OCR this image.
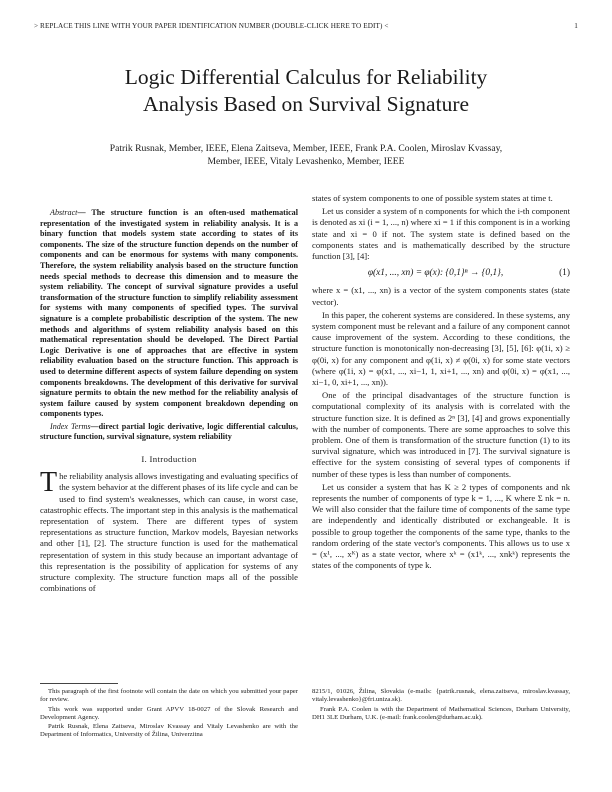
> REPLACE THIS LINE WITH YOUR PAPER IDENTIFICATION NUMBER (DOUBLE-CLICK HERE TO EDIT) <	1
Logic Differential Calculus for Reliability
Analysis Based on Survival Signature
Patrik Rusnak, Member, IEEE, Elena Zaitseva, Member, IEEE, Frank P.A. Coolen, Miroslav Kvassay,
Member, IEEE, Vitaly Levashenko, Member, IEEE

Abstract— The structure function is an often-used mathematical representation of the investigated system in reliability analysis. It is a binary function that models system state according to states of its components. The size of the structure function depends on the number of components and can be enormous for systems with many components. Therefore, the system reliability analysis based on the structure function needs special methods to decrease this dimension and to measure the system reliability. The concept of survival signature provides a useful transformation of the structure function to simplify reliability assessment for systems with many components of specified types. The survival signature is a complete probabilistic description of the system. The new methods and algorithms of system reliability analysis based on this mathematical representation should be developed. The Direct Partial Logic Derivative is one of approaches that are effective in system reliability evaluation based on the structure function. This approach is used to determine different aspects of system failure depending on system components breakdowns. The development of this derivative for survival signature permits to obtain the new method for the reliability analysis of system failure caused by system component breakdown depending on components types.

Index Terms—direct partial logic derivative, logic differential calculus, structure function, survival signature, system reliability

I. Introduction

The reliability analysis allows investigating and evaluating specifics of the system behavior at the different phases of its life cycle and can be used to find system's weaknesses, which can cause, in worst case, catastrophic effects. The important step in this analysis is the mathematical representation of system. There are different types of system representations as structure function, Markov models, Bayesian networks and other [1], [2]. The structure function is used for the mathematical representation of system in this study because an important advantage of this representation is the possibility of application for systems of any structure complexity. The structure function maps all of the possible combinations of

states of system components to one of possible system states at time t.

Let us consider a system of n components for which the i-th component is denoted as xi (i = 1, ..., n) where xi = 1 if this component is in a working state and xi = 0 if not. The system state is defined based on the components states and is mathematically described by the structure function [3], [4]:

φ(x1, ..., xn) = φ(x): {0,1}ⁿ → {0,1},	(1)

where x = (x1, ..., xn) is a vector of the system components states (state vector).

In this paper, the coherent systems are considered. In these systems, any system component must be relevant and a failure of any component cannot cause improvement of the system. According to these conditions, the structure function is monotonically non-decreasing [3], [5], [6]: φ(1i, x) ≥ φ(0i, x) for any component and φ(1i, x) ≠ φ(0i, x) for some state vectors (where φ(1i, x) = φ(x1, ..., xi−1, 1, xi+1, ..., xn) and φ(0i, x) = φ(x1, ..., xi−1, 0, xi+1, ..., xn)).

One of the principal disadvantages of the structure function is computational complexity of its analysis with is correlated with the structure function size. It is defined as 2ⁿ [3], [4] and grows exponentially with the number of components. There are some approaches to solve this problem. One of them is transformation of the structure function (1) to its survival signature, which was introduced in [7]. The survival signature is effective for the system consisting of several types of components if number of these types is less than number of components.

Let us consider a system that has K ≥ 2 types of components and nk represents the number of components of type k = 1, ..., K where Σ nk = n. We will also consider that the failure time of components of the same type are independently and identically distributed or exchangeable. It is possible to group together the components of the same type, thanks to the random ordering of the state vector's components. This allows us to use x = (x¹, ..., xᴷ) as a state vector, where xᵏ = (x1ᵏ, ..., xnkᵏ) represents the states of the components of type k.

This paragraph of the first footnote will contain the date on which you submitted your paper for review.

This work was supported under Grant APVV 18-0027 of the Slovak Research and Development Agency.

Patrik Rusnak, Elena Zaitseva, Miroslav Kvassay and Vitaly Levashenko are with the Department of Informatics, University of Žilina, Univerzitna

8215/1, 01026, Žilina, Slovakia (e-mails: {patrik.rusnak, elena.zaitseva, miroslav.kvassay, vitaly.levashenko}@fri.uniza.sk).

Frank P.A. Coolen is with the Department of Mathematical Sciences, Durham University, DH1 3LE Durham, U.K. (e-mail: frank.coolen@durham.ac.uk).
